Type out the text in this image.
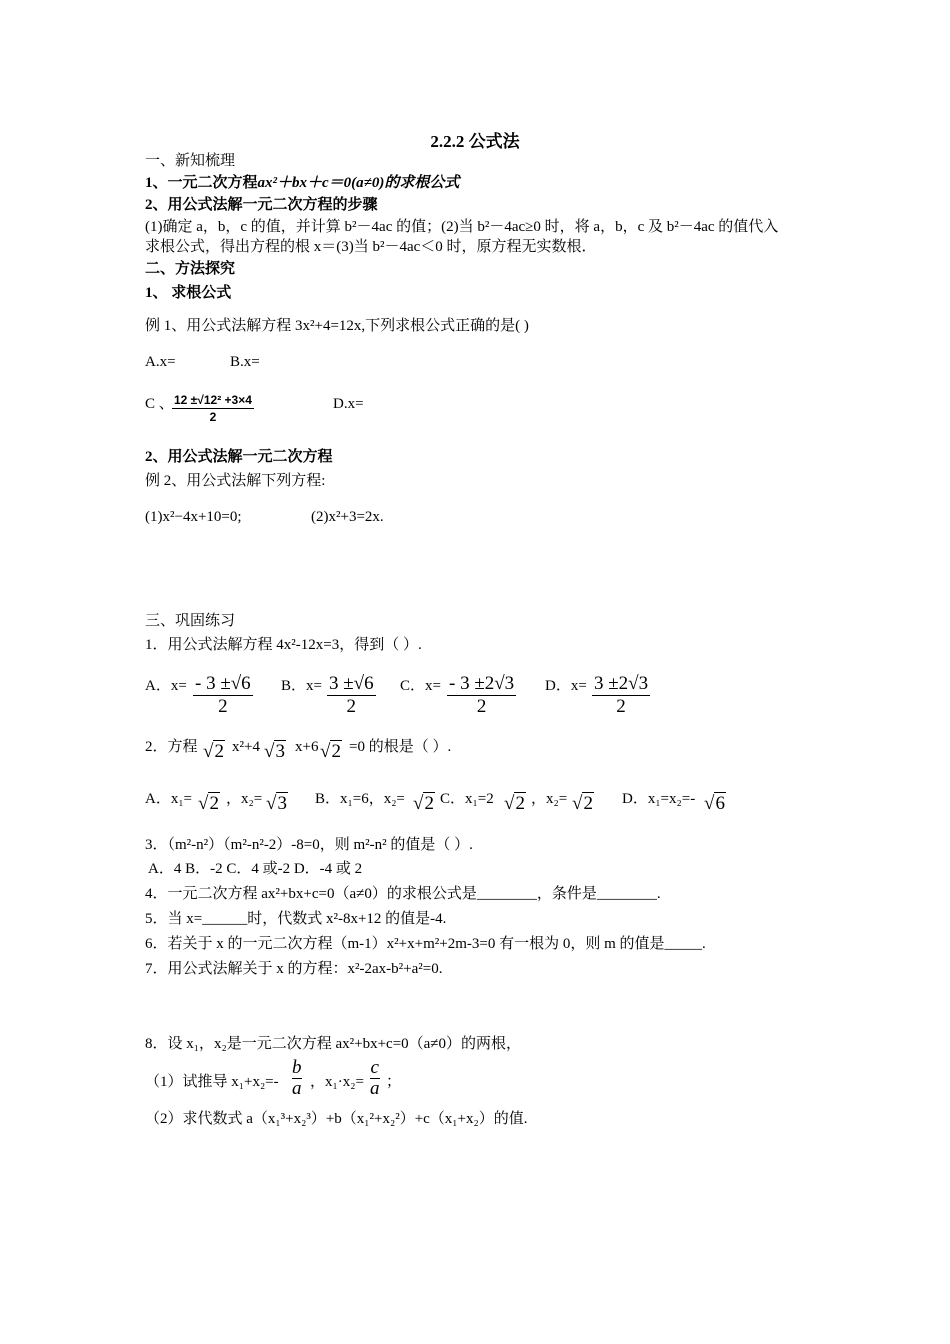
2.2.2 公式法
一、新知梳理
1、一元二次方程ax²＋bx＋c＝0(a≠0)的求根公式
2、用公式法解一元二次方程的步骤
(1)确定 a，b，c 的值，并计算 b²－4ac 的值；(2)当 b²－4ac≥0 时，将 a，b，c 及 b²－4ac 的值代入
求根公式，得出方程的根 x＝(3)当 b²－4ac＜0 时，原方程无实数根．
二、方法探究
1、 求根公式
例 1、用公式法解方程 3x²+4=12x,下列求根公式正确的是( )
A.x=	B.x=
C 、
$\frac{\text{12 ±√12² +3×4}}{2}$	D.x=
2、用公式法解一元二次方程
例 2、用公式法解下列方程:
(1)x²−4x+10=0;	(2)x²+3=2x.
三、巩固练习
1．用公式法解方程 4x²-12x=3，得到（ ）.
A．$x= \frac{- 3 \pm√6}{2}$ B．$x= \frac{3 \pm√6}{2}$ C．$x= \frac{- 3 \pm 2√3}{2}$ D．$x= \frac{3 \pm 2√3}{2}$
2．方程 √2 x²+4 √3 x+6 √2 =0 的根是（ ）.
A．x₁= √2 ，x₂= √3 B．x₁=6，x₂= √2 C．x₁=2 √2 ，x₂= √2 D．x₁=x₂=- √6
3．（m²-n²）（m²-n²-2）-8=0，则 m²-n² 的值是（ ）.
A．4 B．-2 C．4 或-2 D．-4 或 2
4．一元二次方程 ax²+bx+c=0（a≠0）的求根公式是________，条件是________.
5．当 x=______时，代数式 x²-8x+12 的值是-4.
6．若关于 x 的一元二次方程（m-1）x²+x+m²+2m-3=0 有一根为 0，则 m 的值是_____.
7．用公式法解关于 x 的方程：x²-2ax-b²+a²=0.
8．设 x₁，x₂是一元二次方程 ax²+bx+c=0（a≠0）的两根，
（1）试推导 $x_1+x_2=- \frac{b}{a}$ ，$x_1\cdot x_2= \frac{c}{a}$ ；
（2）求代数式 a（x₁³+x₂³）+b（x₁²+x₂²）+c（x₁+x₂）的值.
